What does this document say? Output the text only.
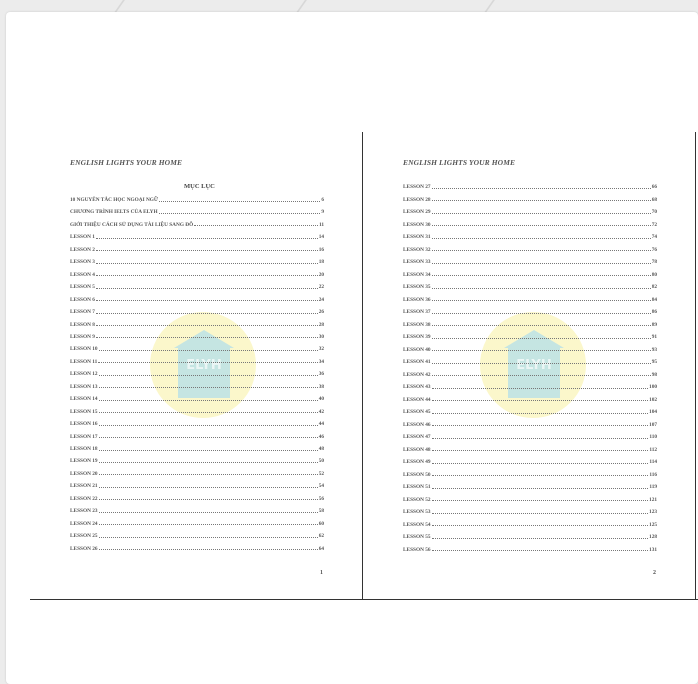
ELYH
ENGLISH LIGHTS YOUR HOME
MỤC LỤC
10 NGUYÊN TẮC HỌC NGOẠI NGỮ	6
CHƯƠNG TRÌNH IELTS CỦA ELYH	9
GIỚI THIỆU CÁCH SỬ DỤNG TÀI LIỆU SANG ĐỖ	11
LESSON 1	14
LESSON 2	16
LESSON 3	18
LESSON 4	20
LESSON 5	22
LESSON 6	24
LESSON 7	26
LESSON 8	28
LESSON 9	30
LESSON 10	32
LESSON 11	34
LESSON 12	36
LESSON 13	38
LESSON 14	40
LESSON 15	42
LESSON 16	44
LESSON 17	46
LESSON 18	48
LESSON 19	50
LESSON 20	52
LESSON 21	54
LESSON 22	56
LESSON 23	58
LESSON 24	60
LESSON 25	62
LESSON 26	64
1
ELYH
ENGLISH LIGHTS YOUR HOME
LESSON 27	66
LESSON 28	68
LESSON 29	70
LESSON 30	72
LESSON 31	74
LESSON 32	76
LESSON 33	78
LESSON 34	80
LESSON 35	82
LESSON 36	84
LESSON 37	86
LESSON 38	89
LESSON 39	91
LESSON 40	93
LESSON 41	95
LESSON 42	98
LESSON 43	100
LESSON 44	102
LESSON 45	104
LESSON 46	107
LESSON 47	110
LESSON 48	112
LESSON 49	114
LESSON 50	116
LESSON 51	119
LESSON 52	121
LESSON 53	123
LESSON 54	125
LESSON 55	128
LESSON 56	131
2
